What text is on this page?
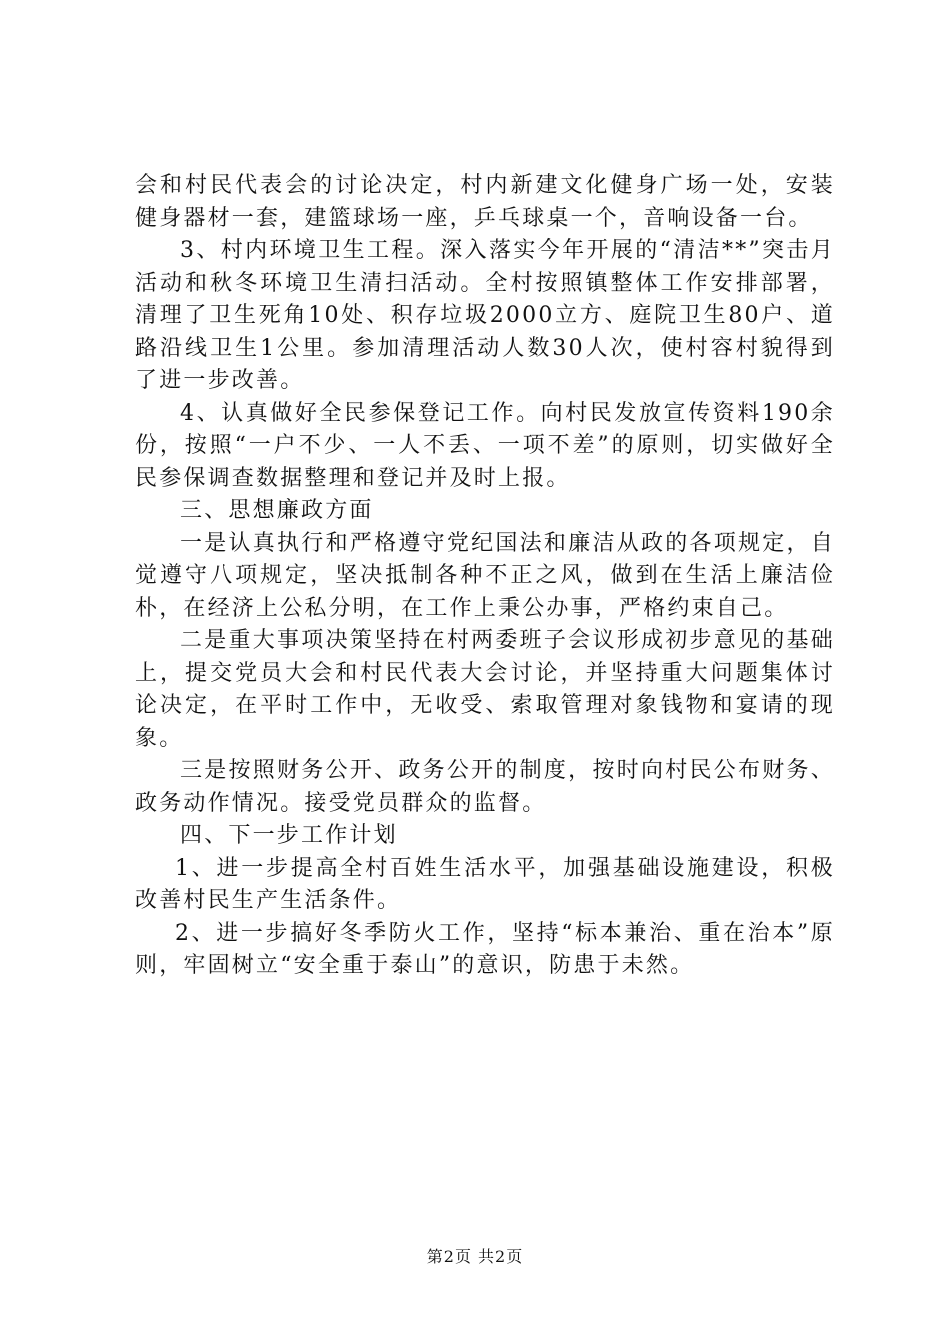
会和村民代表会的讨论决定，村内新建文化健身广场一处，安装健身器材一套，建篮球场一座，乒乓球桌一个，音响设备一台。

3、村内环境卫生工程。深入落实今年开展的“清洁**”突击月活动和秋冬环境卫生清扫活动。全村按照镇整体工作安排部署，清理了卫生死角10处、积存垃圾2000立方、庭院卫生80户、道路沿线卫生1公里。参加清理活动人数30人次，使村容村貌得到了进一步改善。

4、认真做好全民参保登记工作。向村民发放宣传资料190余份，按照“一户不少、一人不丢、一项不差”的原则，切实做好全民参保调查数据整理和登记并及时上报。

三、思想廉政方面

一是认真执行和严格遵守党纪国法和廉洁从政的各项规定，自觉遵守八项规定，坚决抵制各种不正之风，做到在生活上廉洁俭朴，在经济上公私分明，在工作上秉公办事，严格约束自己。

二是重大事项决策坚持在村两委班子会议形成初步意见的基础上，提交党员大会和村民代表大会讨论，并坚持重大问题集体讨论决定，在平时工作中，无收受、索取管理对象钱物和宴请的现象。

三是按照财务公开、政务公开的制度，按时向村民公布财务、政务动作情况。接受党员群众的监督。

四、下一步工作计划

1、进一步提高全村百姓生活水平，加强基础设施建设，积极改善村民生产生活条件。

2、进一步搞好冬季防火工作，坚持“标本兼治、重在治本”原则，牢固树立“安全重于泰山”的意识，防患于未然。

第2页 共2页
